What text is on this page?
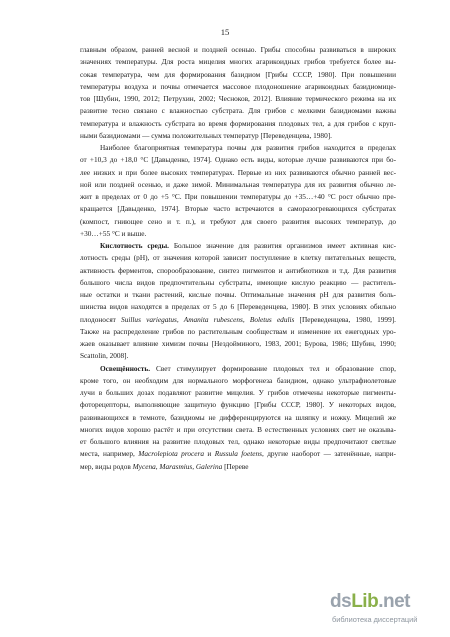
15

главным образом, ранней весной и поздней осенью. Грибы способны развиваться в широких

значениях температуры. Для роста мицелия многих агарикоидных грибов требуется более вы-

сокая температура, чем для формирования базидиом [Грибы СССР, 1980]. При повышении

температуры воздуха и почвы отмечается массовое плодоношение агарикоидных базидиомице-

тов [Шубин, 1990, 2012; Петрухин, 2002; Чесноков, 2012]. Влияние термического режима на их

развитие тесно связано с влажностью субстрата. Для грибов с мелкими базидиомами важны

температура и влажность субстрата во время формирования плодовых тел, а для грибов с круп-

ными базидиомами — сумма положительных температур [Переведенцева, 1980].

Наиболее благоприятная температура почвы для развития грибов находится в пределах

от +10,3 до +18,0 °С [Давыденко, 1974]. Однако есть виды, которые лучше развиваются при бо-

лее низких и при более высоких температурах. Первые из них развиваются обычно ранней вес-

ной или поздней осенью, и даже зимой. Минимальная температура для их развития обычно ле-

жит в пределах от 0 до +5 °С. При повышении температуры до +35…+40 °С рост обычно пре-

кращается [Давыденко, 1974]. Вторые часто встречаются в саморазогревающихся субстратах

(компост, гниющее сено и т. п.), и требуют для своего развития высоких температур, до

+30…+55 °С и выше.

Кислотность среды. Большое значение для развития организмов имеет активная кис-

лотность среды (pH), от значения которой зависит поступление в клетку питательных веществ,

активность ферментов, спорообразование, синтез пигментов и антибиотиков и т.д. Для развития

большого числа видов предпочтительны субстраты, имеющие кислую реакцию — раститель-

ные остатки и ткани растений, кислые почвы. Оптимальные значения pH для развития боль-

шинства видов находятся в пределах от 5 до 6 [Переведенцева, 1980]. В этих условиях обильно

плодоносят Suillus variegatus, Amanita rubescens, Boletus edulis [Переведенцева, 1980, 1999].

Также на распределение грибов по растительным сообществам и изменение их ежегодных уро-

жаев оказывает влияние химизм почвы [Нездойминого, 1983, 2001; Бурова, 1986; Шубин, 1990;

Scattolin, 2008].

Освещённость. Свет стимулирует формирование плодовых тел и образование спор,

кроме того, он необходим для нормального морфогенеза базидиом, однако ультрафиолетовые

лучи в больших дозах подавляют развитие мицелия. У грибов отмечены некоторые пигменты-

фоторецепторы, выполняющие защитную функцию [Грибы СССР, 1980]. У некоторых видов,

развивающихся в темноте, базидиомы не дифференцируются на шляпку и ножку. Мицелий же

многих видов хорошо растёт и при отсутствии света. В естественных условиях свет не оказыва-

ет большого влияния на развитие плодовых тел, однако некоторые виды предпочитают светлые

места, например, Macrolepiota procera и Russula foetens, другие наоборот — затенённые, напри-

мер, виды родов Mycena, Marasmius, Galerina [Переве

dsLib.net
библиотека диссертаций
